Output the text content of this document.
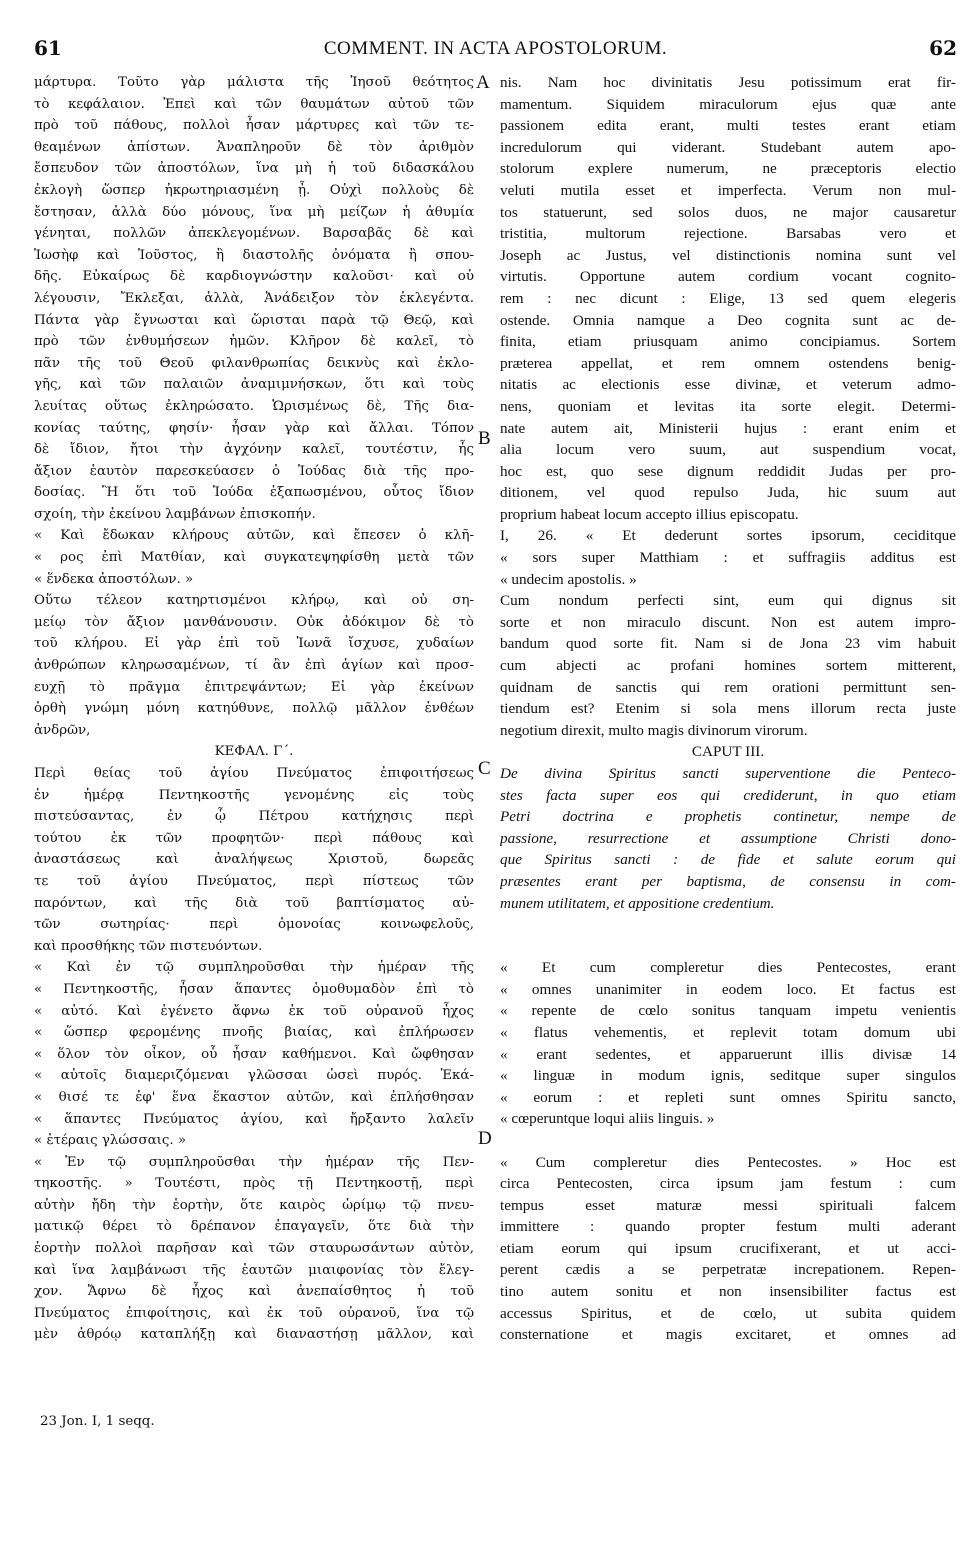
61	COMMENT. IN ACTA APOSTOLORUM.	62
A
B
C
D
μάρτυρα. Τοῦτο γὰρ μάλιστα τῆς Ἰησοῦ θεότητος
τὸ κεφάλαιον. Ἐπεὶ καὶ τῶν θαυμάτων αὐτοῦ τῶν
πρὸ τοῦ πάθους, πολλοὶ ἦσαν μάρτυρες καὶ τῶν τε-
θεαμένων ἀπίστων. Ἀναπληροῦν δὲ τὸν ἀριθμὸν
ἔσπευδον τῶν ἀποστόλων, ἵνα μὴ ἡ τοῦ διδασκάλου
ἐκλογὴ ὥσπερ ἠκρωτηριασμένη ᾖ. Οὐχὶ πολλοὺς δὲ
ἔστησαν, ἀλλὰ δύο μόνους, ἵνα μὴ μείζων ἡ ἀθυμία
γένηται, πολλῶν ἀπεκλεγομένων. Βαρσαβᾶς δὲ καὶ
Ἰωσὴφ καὶ Ἰοῦστος, ἢ διαστολῆς ὀνόματα ἢ σπου-
δῆς. Εὐκαίρως δὲ καρδιογνώστην καλοῦσι· καὶ οὐ
λέγουσιν, Ἔκλεξαι, ἀλλὰ, Ἀνάδειξον τὸν ἐκλεγέντα.
Πάντα γὰρ ἔγνωσται καὶ ὥρισται παρὰ τῷ Θεῷ, καὶ
πρὸ τῶν ἐνθυμήσεων ἡμῶν. Κλῆρον δὲ καλεῖ, τὸ
πᾶν τῆς τοῦ Θεοῦ φιλανθρωπίας δεικνὺς καὶ ἐκλο-
γῆς, καὶ τῶν παλαιῶν ἀναμιμνήσκων, ὅτι καὶ τοὺς
λευίτας οὕτως ἐκληρώσατο. Ὡρισμένως δὲ, Τῆς δια-
κονίας ταύτης, φησίν· ἦσαν γὰρ καὶ ἄλλαι. Τόπον
δὲ ἴδιον, ἤτοι τὴν ἀγχόνην καλεῖ, τουτέστιν, ἧς
ἄξιον ἑαυτὸν παρεσκεύασεν ὁ Ἰούδας διὰ τῆς προ-
δοσίας. Ἢ ὅτι τοῦ Ἰούδα ἐξαπωσμένου, οὗτος ἴδιον
σχοίη, τὴν ἐκείνου λαμβάνων ἐπισκοπήν.
« Καὶ ἔδωκαν κλήρους αὐτῶν, καὶ ἔπεσεν ὁ κλῆ-
« ρος ἐπὶ Ματθίαν, καὶ συγκατεψηφίσθη μετὰ τῶν
« ἕνδεκα ἀποστόλων. »
Οὕτω τέλεον κατηρτισμένοι κλήρῳ, καὶ οὐ ση-
μείῳ τὸν ἄξιον μανθάνουσιν. Οὐκ ἀδόκιμον δὲ τὸ
τοῦ κλήρου. Εἰ γὰρ ἐπὶ τοῦ Ἰωνᾶ ἴσχυσε, χυδαίων
ἀνθρώπων κληρωσαμένων, τί ἂν ἐπὶ ἁγίων καὶ προσ-
ευχῇ τὸ πρᾶγμα ἐπιτρεψάντων; Εἰ γὰρ ἐκείνων
ὀρθὴ γνώμη μόνη κατηύθυνε, πολλῷ μᾶλλον ἐνθέων
ἀνδρῶν,
ΚΕΦΑΛ. Γ΄.
Περὶ θείας τοῦ ἁγίου Πνεύματος ἐπιφοιτήσεως
ἐν ἡμέρᾳ Πεντηκοστῆς γενομένης εἰς τοὺς
πιστεύσαντας, ἐν ᾧ Πέτρου κατήχησις περὶ
τούτου ἐκ τῶν προφητῶν· περὶ πάθους καὶ
ἀναστάσεως καὶ ἀναλήψεως Χριστοῦ, δωρεᾶς
τε τοῦ ἁγίου Πνεύματος, περὶ πίστεως τῶν
παρόντων, καὶ τῆς διὰ τοῦ βαπτίσματος αὐ-
τῶν σωτηρίας· περὶ ὁμονοίας κοινωφελοῦς,
καὶ προσθήκης τῶν πιστευόντων.
« Καὶ ἐν τῷ συμπληροῦσθαι τὴν ἡμέραν τῆς
« Πεντηκοστῆς, ἦσαν ἅπαντες ὁμοθυμαδὸν ἐπὶ τὸ
« αὐτό. Καὶ ἐγένετο ἄφνω ἐκ τοῦ οὐρανοῦ ἦχος
« ὥσπερ φερομένης πνοῆς βιαίας, καὶ ἐπλήρωσεν
« ὅλον τὸν οἶκον, οὗ ἦσαν καθήμενοι. Καὶ ὤφθησαν
« αὐτοῖς διαμεριζόμεναι γλῶσσαι ὡσεὶ πυρός. Ἐκά-
« θισέ τε ἐφ' ἕνα ἕκαστον αὐτῶν, καὶ ἐπλήσθησαν
« ἅπαντες Πνεύματος ἁγίου, καὶ ἤρξαντο λαλεῖν
« ἑτέραις γλώσσαις. »
« Ἐν τῷ συμπληροῦσθαι τὴν ἡμέραν τῆς Πεν-
τηκοστῆς. » Τουτέστι, πρὸς τῇ Πεντηκοστῇ, περὶ
αὐτὴν ἤδη τὴν ἑορτὴν, ὅτε καιρὸς ὡρίμῳ τῷ πνευ-
ματικῷ θέρει τὸ δρέπανον ἐπαγαγεῖν, ὅτε διὰ τὴν
ἑορτὴν πολλοὶ παρῆσαν καὶ τῶν σταυρωσάντων αὐτὸν,
καὶ ἵνα λαμβάνωσι τῆς ἑαυτῶν μιαιφονίας τὸν ἔλεγ-
χον. Ἄφνω δὲ ἦχος καὶ ἀνεπαίσθητος ἡ τοῦ
Πνεύματος ἐπιφοίτησις, καὶ ἐκ τοῦ οὐρανοῦ, ἵνα τῷ
μὲν ἀθρόῳ καταπλήξῃ καὶ διαναστήσῃ μᾶλλον, καὶ
nis. Nam hoc divinitatis Jesu potissimum erat fir-
mamentum. Siquidem miraculorum ejus quæ ante
passionem edita erant, multi testes erant etiam
incredulorum qui viderant. Studebant autem apo-
stolorum explere numerum, ne præceptoris electio
veluti mutila esset et imperfecta. Verum non mul-
tos statuerunt, sed solos duos, ne major causaretur
tristitia, multorum rejectione. Barsabas vero et
Joseph ac Justus, vel distinctionis nomina sunt vel
virtutis. Opportune autem cordium vocant cognito-
rem : nec dicunt : Elige, 13 sed quem elegeris
ostende. Omnia namque a Deo cognita sunt ac de-
finita, etiam priusquam animo concipiamus. Sortem
præterea appellat, et rem omnem ostendens benig-
nitatis ac electionis esse divinæ, et veterum admo-
nens, quoniam et levitas ita sorte elegit. Determi-
nate autem ait, Ministerii hujus : erant enim et
alia locum vero suum, aut suspendium vocat,
hoc est, quo sese dignum reddidit Judas per pro-
ditionem, vel quod repulso Juda, hic suum aut
proprium habeat locum accepto illius episcopatu.
I, 26. « Et dederunt sortes ipsorum, ceciditque
« sors super Matthiam : et suffragiis additus est
« undecim apostolis. »
Cum nondum perfecti sint, eum qui dignus sit
sorte et non miraculo discunt. Non est autem impro-
bandum quod sorte fit. Nam si de Jona 23 vim habuit
cum abjecti ac profani homines sortem mitterent,
quidnam de sanctis qui rem orationi permittunt sen-
tiendum est? Etenim si sola mens illorum recta juste
negotium direxit, multo magis divinorum virorum.
CAPUT III.
De divina Spiritus sancti superventione die Penteco-
stes facta super eos qui crediderunt, in quo etiam
Petri doctrina e prophetis continetur, nempe de
passione, resurrectione et assumptione Christi dono-
que Spiritus sancti : de fide et salute eorum qui
præsentes erant per baptisma, de consensu in com-
munem utilitatem, et appositione credentium.
« Et cum compleretur dies Pentecostes, erant
« omnes unanimiter in eodem loco. Et factus est
« repente de cœlo sonitus tanquam impetu venientis
« flatus vehementis, et replevit totam domum ubi
« erant sedentes, et apparuerunt illis divisæ 14
« linguæ in modum ignis, seditque super singulos
« eorum : et repleti sunt omnes Spiritu sancto,
« cœperuntque loqui aliis linguis. »
« Cum compleretur dies Pentecostes. » Hoc est
circa Pentecosten, circa ipsum jam festum : cum
tempus esset maturæ messi spirituali falcem
immittere : quando propter festum multi aderant
etiam eorum qui ipsum crucifixerant, et ut acci-
perent cædis a se perpetratæ increpationem. Repen-
tino autem sonitu et non insensibiliter factus est
accessus Spiritus, et de cœlo, ut subita quidem
consternatione et magis excitaret, et omnes ad
23 Jon. I, 1 seqq.
